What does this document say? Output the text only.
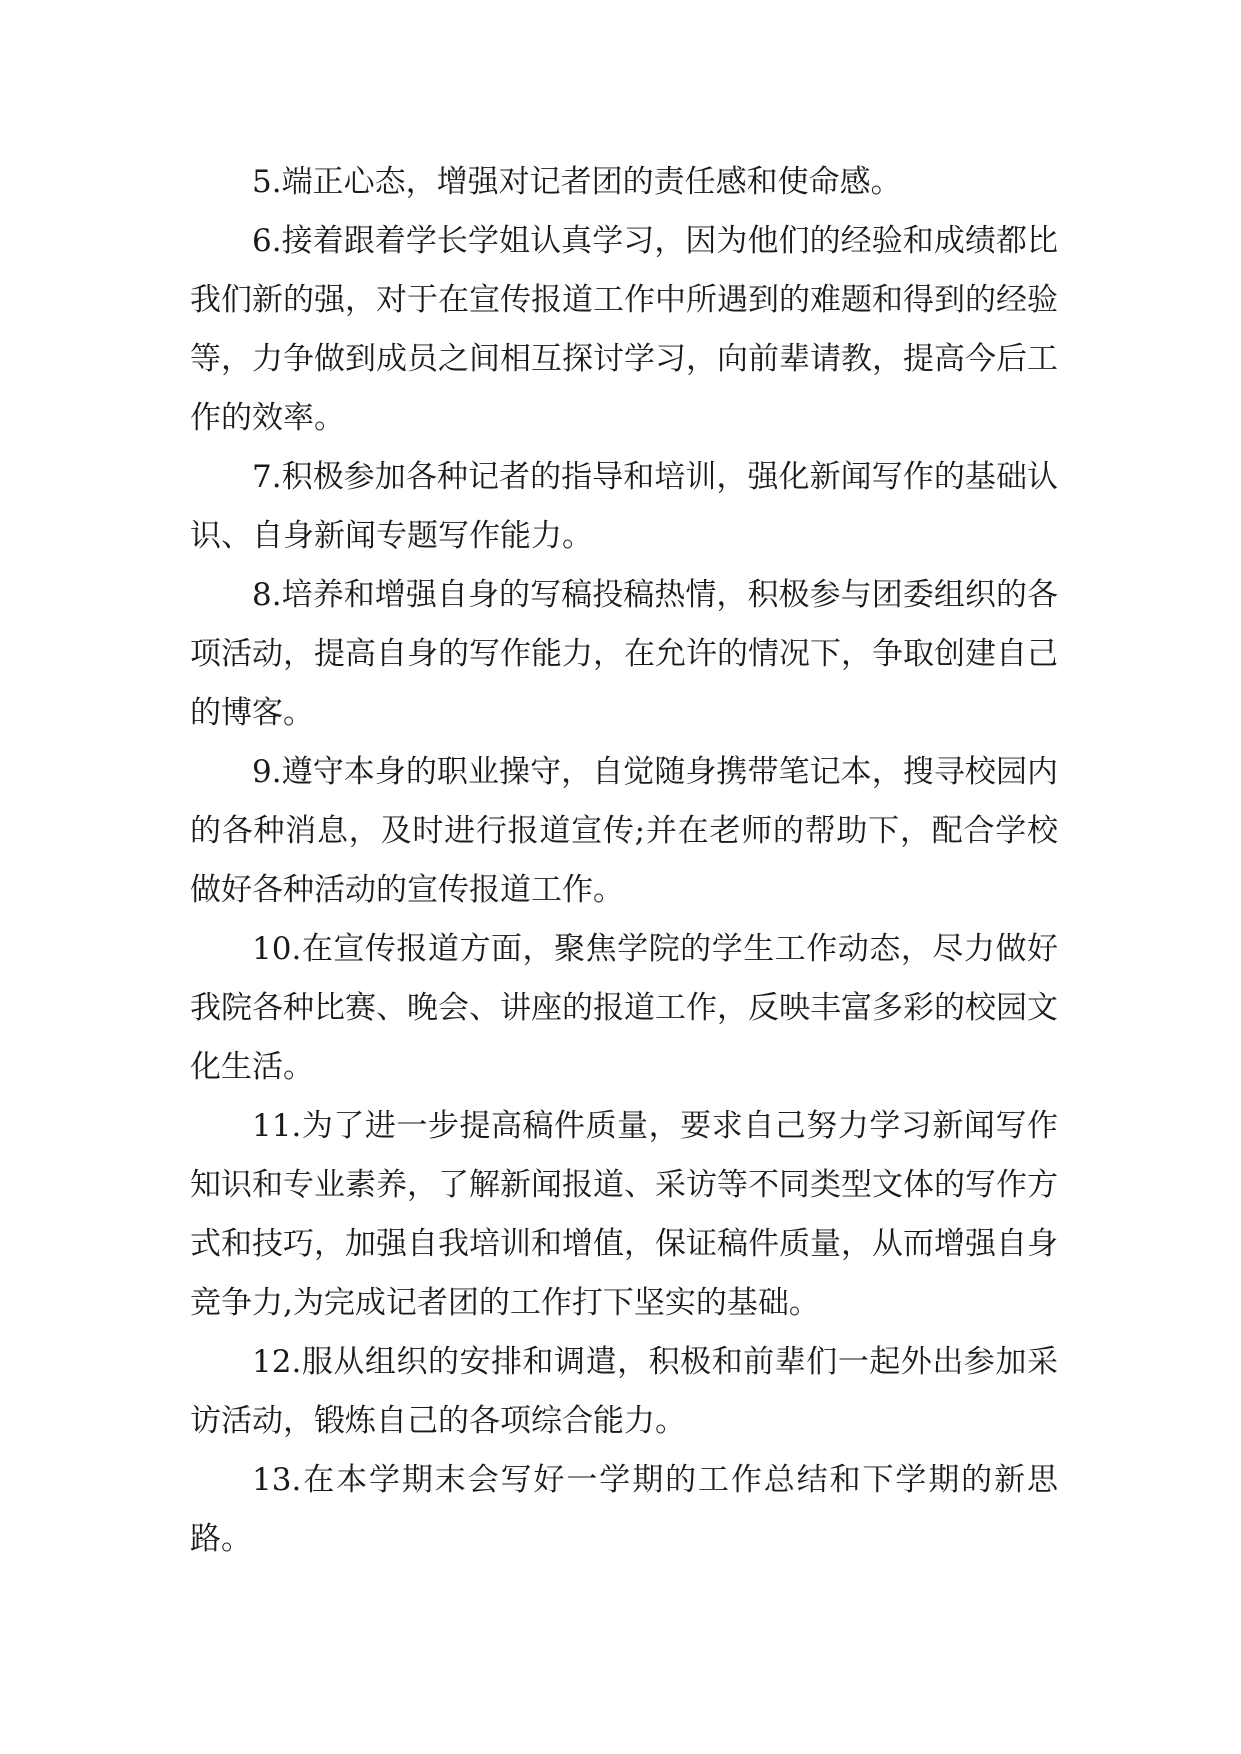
5.端正心态，增强对记者团的责任感和使命感。

6.接着跟着学长学姐认真学习，因为他们的经验和成绩都比我们新的强，对于在宣传报道工作中所遇到的难题和得到的经验等，力争做到成员之间相互探讨学习，向前辈请教，提高今后工作的效率。

7.积极参加各种记者的指导和培训，强化新闻写作的基础认识、自身新闻专题写作能力。

8.培养和增强自身的写稿投稿热情，积极参与团委组织的各项活动，提高自身的写作能力，在允许的情况下，争取创建自己的博客。

9.遵守本身的职业操守，自觉随身携带笔记本，搜寻校园内的各种消息，及时进行报道宣传;并在老师的帮助下，配合学校做好各种活动的宣传报道工作。

10.在宣传报道方面，聚焦学院的学生工作动态，尽力做好我院各种比赛、晚会、讲座的报道工作，反映丰富多彩的校园文化生活。

11.为了进一步提高稿件质量，要求自己努力学习新闻写作知识和专业素养，了解新闻报道、采访等不同类型文体的写作方式和技巧，加强自我培训和增值，保证稿件质量，从而增强自身竞争力,为完成记者团的工作打下坚实的基础。

12.服从组织的安排和调遣，积极和前辈们一起外出参加采访活动，锻炼自己的各项综合能力。

13.在本学期末会写好一学期的工作总结和下学期的新思路。
